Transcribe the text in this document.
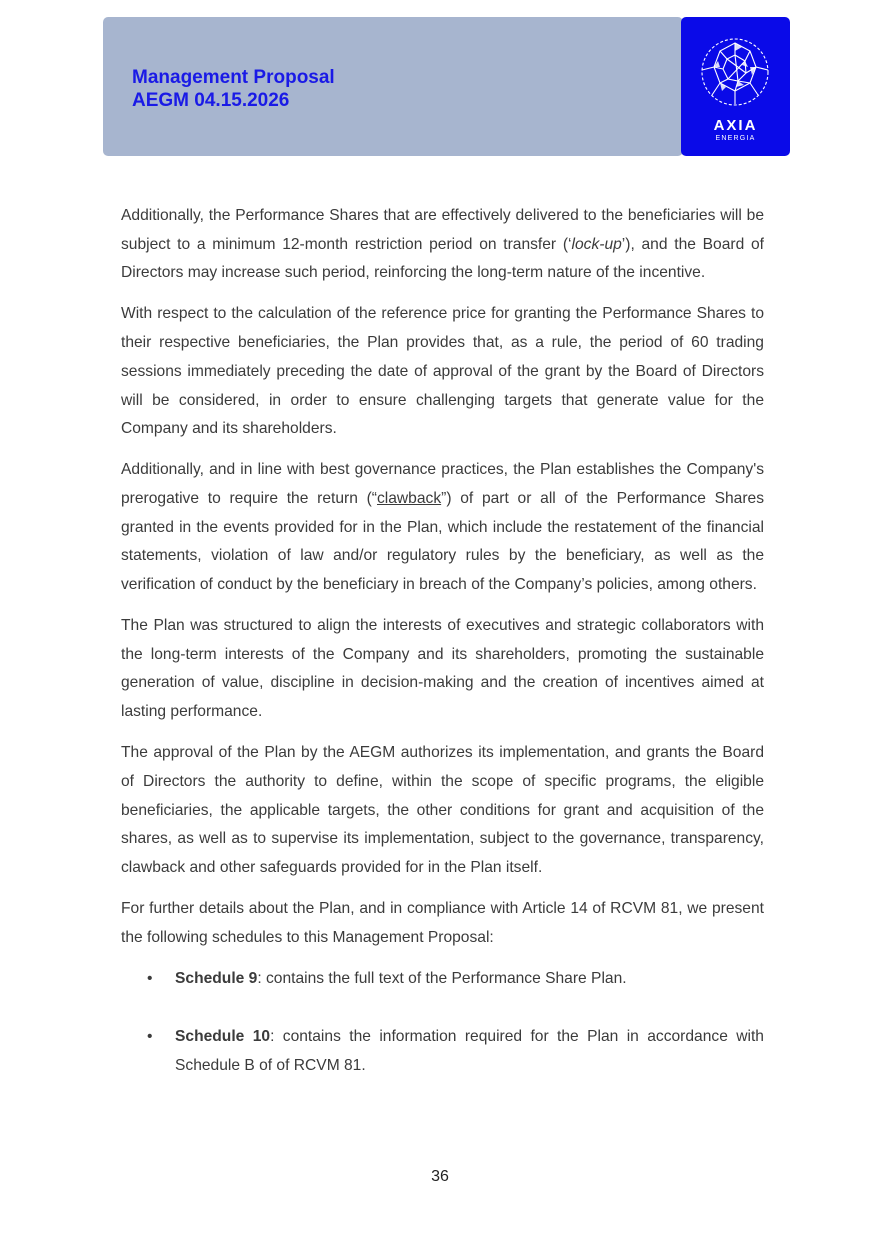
Management Proposal
AEGM 04.15.2026
AXIA
ENERGIA

Additionally, the Performance Shares that are effectively delivered to the beneficiaries will be subject to a minimum 12-month restriction period on transfer (‘lock-up’), and the Board of Directors may increase such period, reinforcing the long-term nature of the incentive.

With respect to the calculation of the reference price for granting the Performance Shares to their respective beneficiaries, the Plan provides that, as a rule, the period of 60 trading sessions immediately preceding the date of approval of the grant by the Board of Directors will be considered, in order to ensure challenging targets that generate value for the Company and its shareholders.

Additionally, and in line with best governance practices, the Plan establishes the Company's prerogative to require the return (“clawback”) of part or all of the Performance Shares granted in the events provided for in the Plan, which include the restatement of the financial statements, violation of law and/or regulatory rules by the beneficiary, as well as the verification of conduct by the beneficiary in breach of the Company’s policies, among others.

The Plan was structured to align the interests of executives and strategic collaborators with the long-term interests of the Company and its shareholders, promoting the sustainable generation of value, discipline in decision-making and the creation of incentives aimed at lasting performance.

The approval of the Plan by the AEGM authorizes its implementation, and grants the Board of Directors the authority to define, within the scope of specific programs, the eligible beneficiaries, the applicable targets, the other conditions for grant and acquisition of the shares, as well as to supervise its implementation, subject to the governance, transparency, clawback and other safeguards provided for in the Plan itself.

For further details about the Plan, and in compliance with Article 14 of RCVM 81, we present the following schedules to this Management Proposal:

• Schedule 9: contains the full text of the Performance Share Plan.
• Schedule 10: contains the information required for the Plan in accordance with Schedule B of of RCVM 81.
36
